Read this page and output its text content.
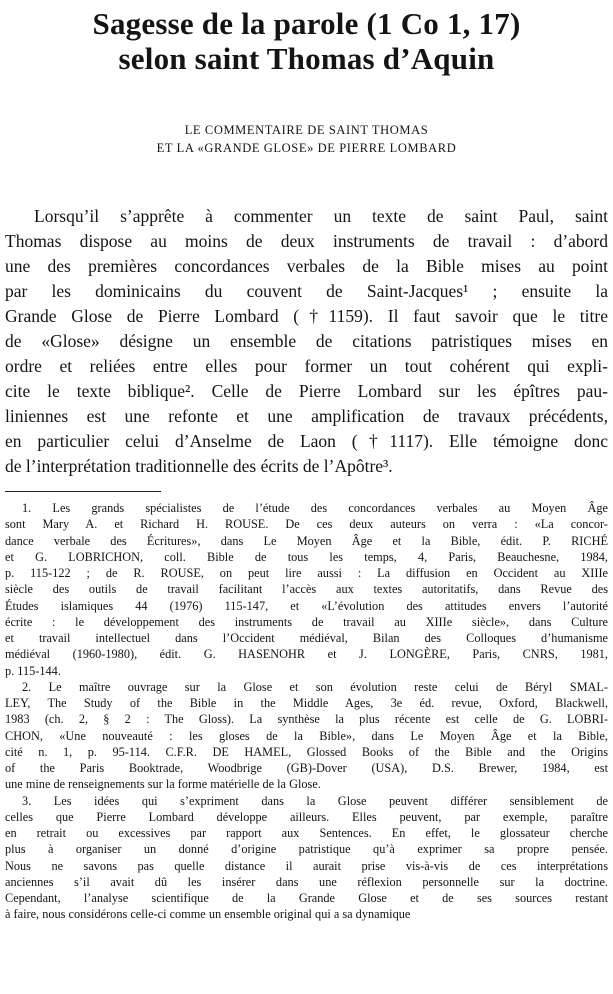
Sagesse de la parole (1 Co 1, 17)
selon saint Thomas d’Aquin
LE COMMENTAIRE DE SAINT THOMAS
ET LA «GRANDE GLOSE» DE PIERRE LOMBARD
Lorsqu’il s’apprête à commenter un texte de saint Paul, saint
Thomas dispose au moins de deux instruments de travail : d’abord
une des premières concordances verbales de la Bible mises au point
par les dominicains du couvent de Saint-Jacques¹ ; ensuite la
Grande Glose de Pierre Lombard (†1159). Il faut savoir que le titre
de «Glose» désigne un ensemble de citations patristiques mises en
ordre et reliées entre elles pour former un tout cohérent qui expli-
cite le texte biblique². Celle de Pierre Lombard sur les épîtres pau-
liniennes est une refonte et une amplification de travaux précédents,
en particulier celui d’Anselme de Laon (†1117). Elle témoigne donc
de l’interprétation traditionnelle des écrits de l’Apôtre³.
1. Les grands spécialistes de l’étude des concordances verbales au Moyen Âge
sont Mary A. et Richard H. ROUSE. De ces deux auteurs on verra : «La concor-
dance verbale des Écritures», dans Le Moyen Âge et la Bible, édit. P. RICHÉ
et G. LOBRICHON, coll. Bible de tous les temps, 4, Paris, Beauchesne, 1984,
p. 115-122 ; de R. ROUSE, on peut lire aussi : La diffusion en Occident au XIIIe
siècle des outils de travail facilitant l’accès aux textes autoritatifs, dans Revue des
Études islamiques 44 (1976) 115-147, et «L’évolution des attitudes envers l’autorité
écrite : le développement des instruments de travail au XIIIe siècle», dans Culture
et travail intellectuel dans l’Occident médiéval, Bilan des Colloques d’humanisme
médiéval (1960-1980), édit. G. HASENOHR et J. LONGÈRE, Paris, CNRS, 1981,
p. 115-144.
2. Le maître ouvrage sur la Glose et son évolution reste celui de Béryl SMAL-
LEY, The Study of the Bible in the Middle Ages, 3e éd. revue, Oxford, Blackwell,
1983 (ch. 2, § 2 : The Gloss). La synthèse la plus récente est celle de G. LOBRI-
CHON, «Une nouveauté : les gloses de la Bible», dans Le Moyen Âge et la Bible,
cité n. 1, p. 95-114. C.F.R. DE HAMEL, Glossed Books of the Bible and the Origins
of the Paris Booktrade, Woodbrige (GB)-Dover (USA), D.S. Brewer, 1984, est
une mine de renseignements sur la forme matérielle de la Glose.
3. Les idées qui s’expriment dans la Glose peuvent différer sensiblement de
celles que Pierre Lombard développe ailleurs. Elles peuvent, par exemple, paraître
en retrait ou excessives par rapport aux Sentences. En effet, le glossateur cherche
plus à organiser un donné d’origine patristique qu’à exprimer sa propre pensée.
Nous ne savons pas quelle distance il aurait prise vis-à-vis de ces interprétations
anciennes s’il avait dû les insérer dans une réflexion personnelle sur la doctrine.
Cependant, l’analyse scientifique de la Grande Glose et de ses sources restant
à faire, nous considérons celle-ci comme un ensemble original qui a sa dynamique
